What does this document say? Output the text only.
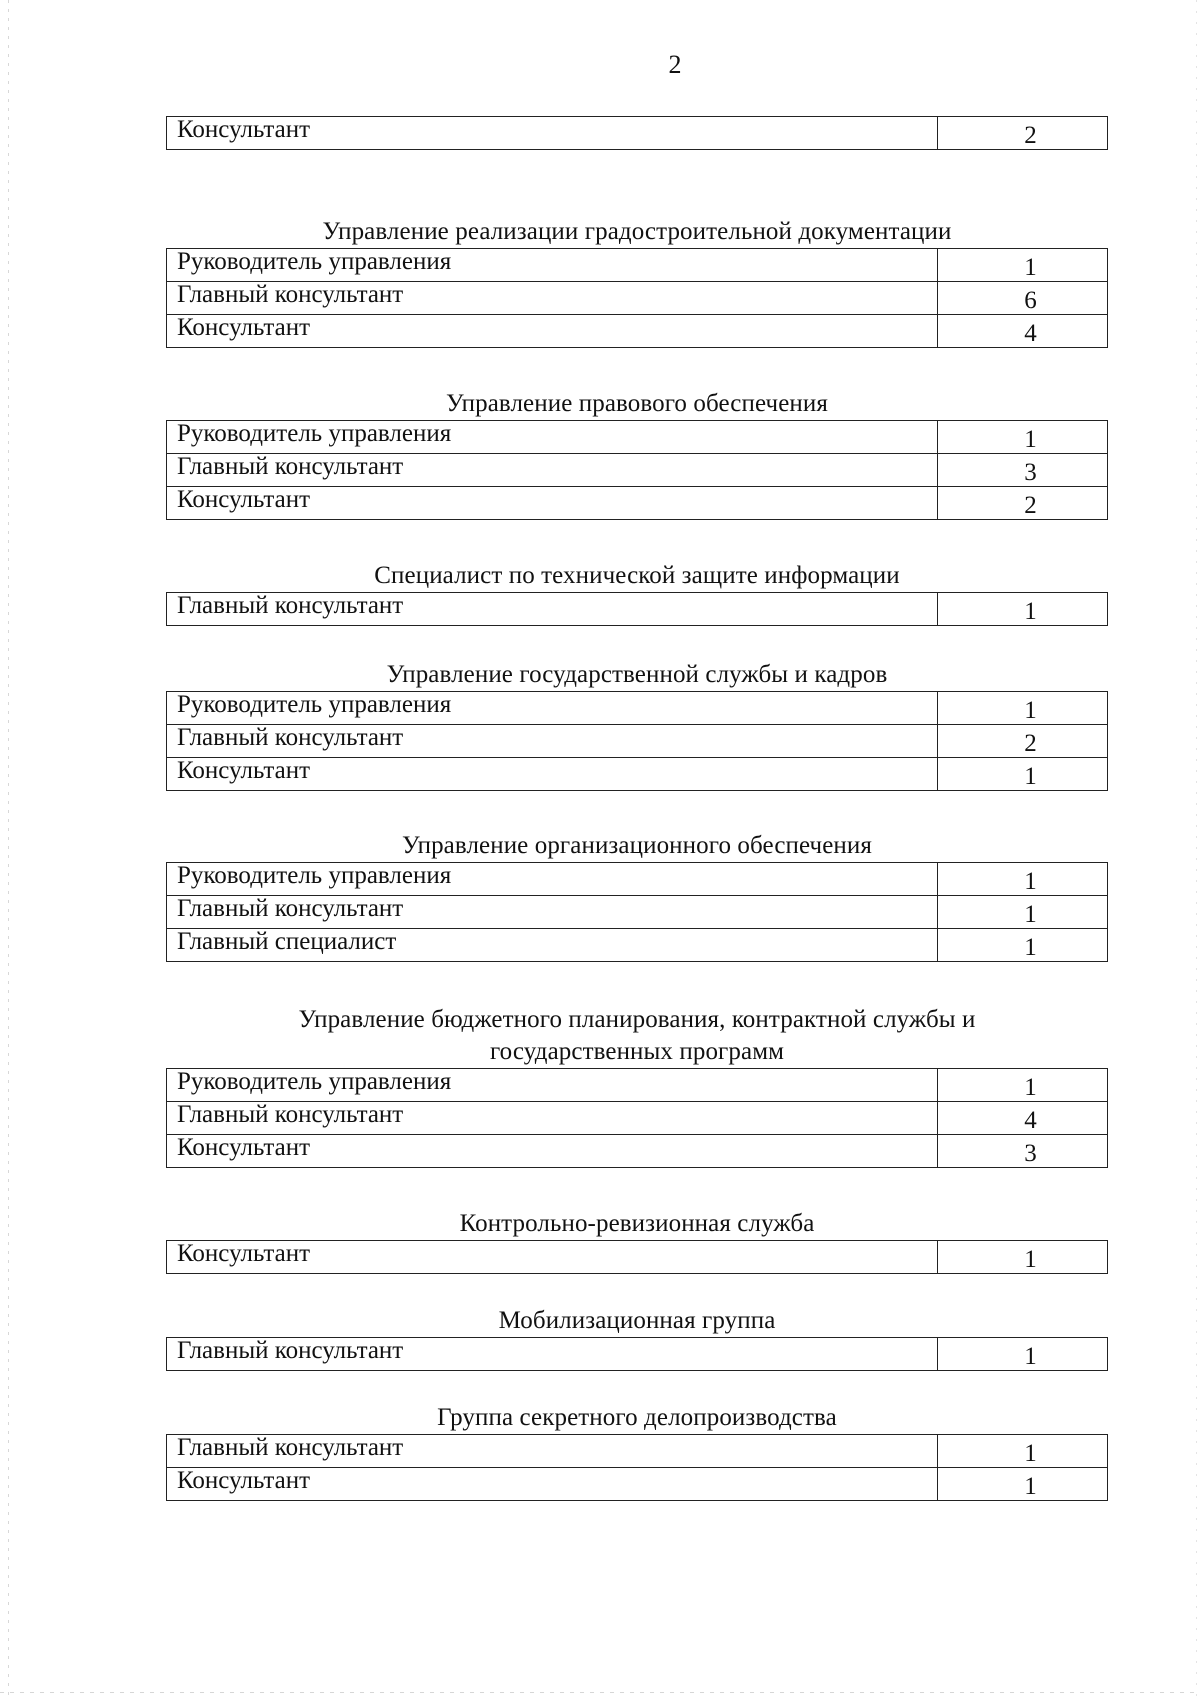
2
Консультант	2

Управление реализации градостроительной документации

Руководитель управления	1
Главный консультант	6
Консультант	4

Управление правового обеспечения

Руководитель управления	1
Главный консультант	3
Консультант	2

Специалист по технической защите информации

Главный консультант	1

Управление государственной службы и кадров

Руководитель управления	1
Главный консультант	2
Консультант	1

Управление организационного обеспечения

Руководитель управления	1
Главный консультант	1
Главный специалист	1

Управление бюджетного планирования, контрактной службы и

государственных программ

Руководитель управления	1
Главный консультант	4
Консультант	3

Контрольно-ревизионная служба

Консультант	1

Мобилизационная группа

Главный консультант	1

Группа секретного делопроизводства

Главный консультант	1
Консультант	1
